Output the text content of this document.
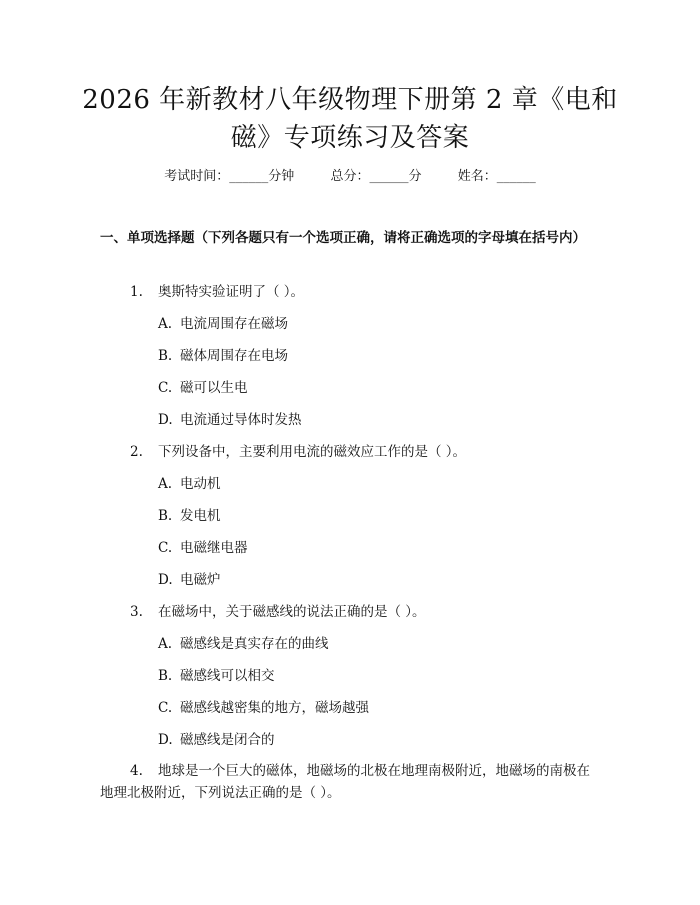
2026 年新教材八年级物理下册第 2 章《电和
磁》专项练习及答案
考试时间：______分钟	总分：______分	姓名：______
一、单项选择题（下列各题只有一个选项正确，请将正确选项的字母填在括号内）
1. 奥斯特实验证明了（ ）。
A. 电流周围存在磁场
B. 磁体周围存在电场
C. 磁可以生电
D. 电流通过导体时发热
2. 下列设备中，主要利用电流的磁效应工作的是（ ）。
A. 电动机
B. 发电机
C. 电磁继电器
D. 电磁炉
3. 在磁场中，关于磁感线的说法正确的是（ ）。
A. 磁感线是真实存在的曲线
B. 磁感线可以相交
C. 磁感线越密集的地方，磁场越强
D. 磁感线是闭合的
4. 地球是一个巨大的磁体，地磁场的北极在地理南极附近，地磁场的南极在地理北极附近，下列说法正确的是（ ）。
